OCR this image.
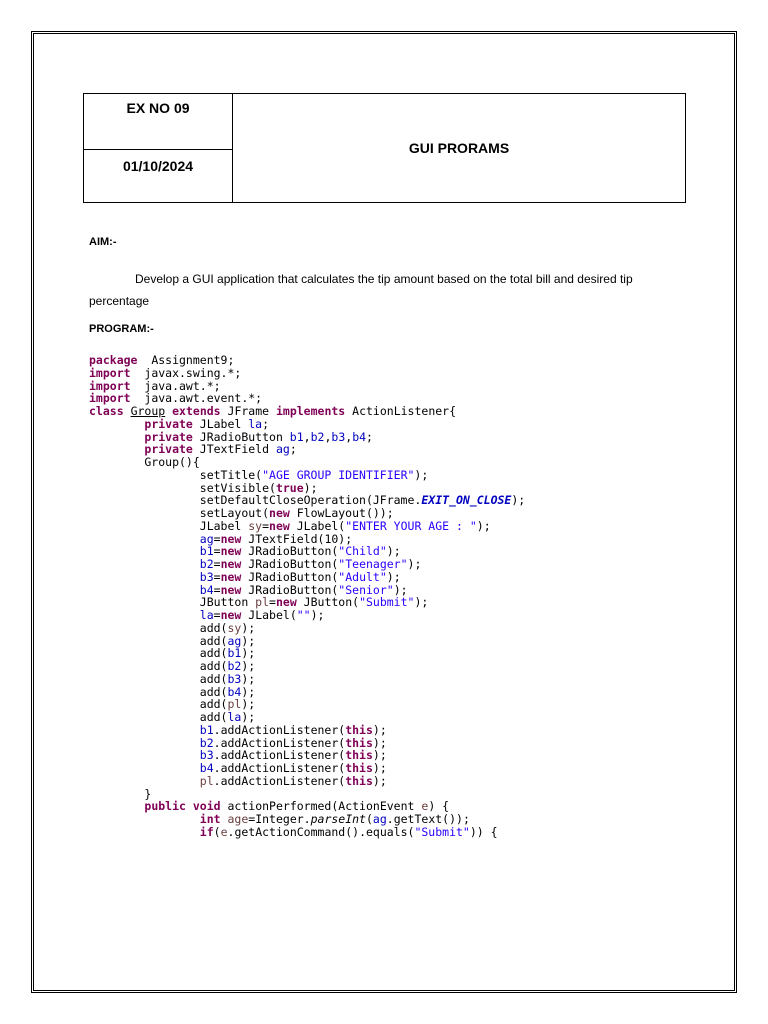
EX NO 09
01/10/2024
GUI PRORAMS
AIM:-

Develop a GUI application that calculates the tip amount based on the total bill and desired tip percentage

PROGRAM:-
package  Assignment9;
import  javax.swing.*;
import  java.awt.*;
import  java.awt.event.*;
class Group extends JFrame implements ActionListener{
private JLabel la;
private JRadioButton b1,b2,b3,b4;
private JTextField ag;
Group(){
setTitle("AGE GROUP IDENTIFIER");
setVisible(true);
setDefaultCloseOperation(JFrame.EXIT_ON_CLOSE);
setLayout(new FlowLayout());
JLabel sy=new JLabel("ENTER YOUR AGE : ");
ag=new JTextField(10);
b1=new JRadioButton("Child");
b2=new JRadioButton("Teenager");
b3=new JRadioButton("Adult");
b4=new JRadioButton("Senior");
JButton pl=new JButton("Submit");
la=new JLabel("");
add(sy);
add(ag);
add(b1);
add(b2);
add(b3);
add(b4);
add(pl);
add(la);
b1.addActionListener(this);
b2.addActionListener(this);
b3.addActionListener(this);
b4.addActionListener(this);
pl.addActionListener(this);
}
public void actionPerformed(ActionEvent e) {
int age=Integer.parseInt(ag.getText());
if(e.getActionCommand().equals("Submit")) {
